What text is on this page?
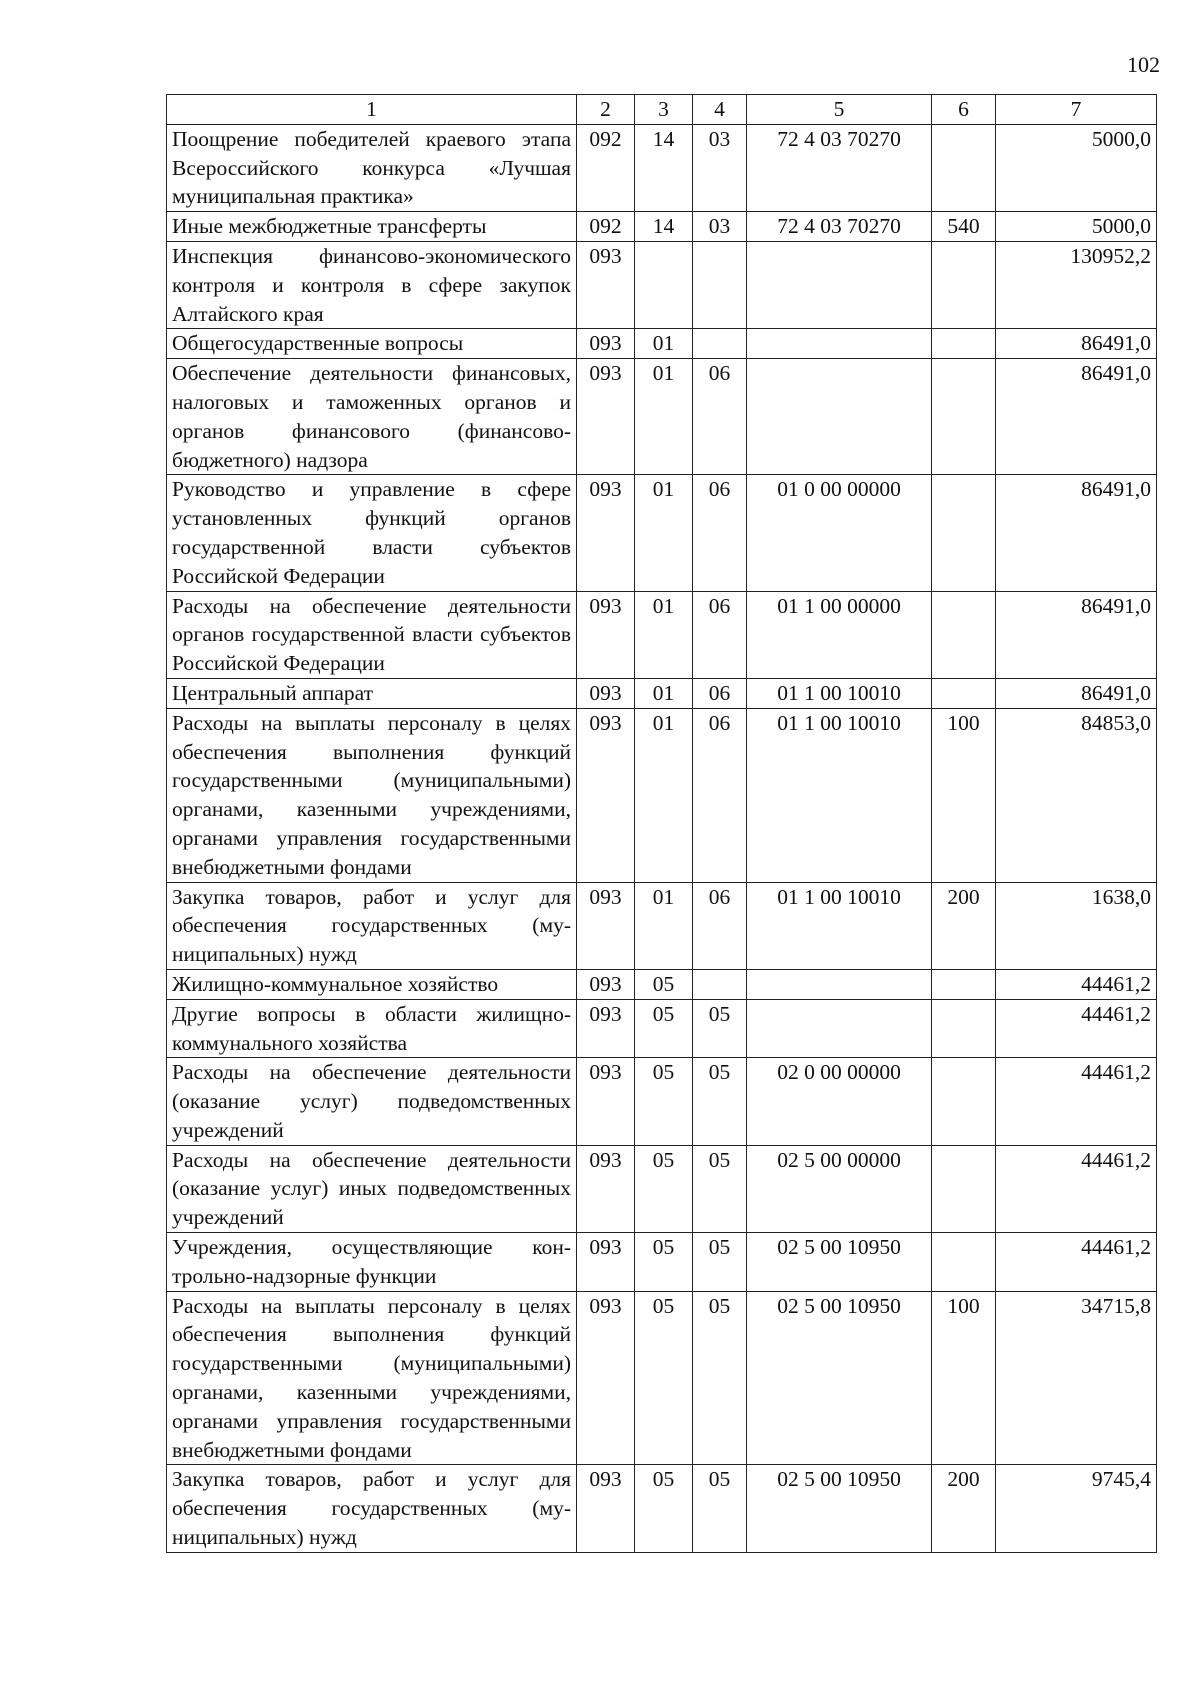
102
1	2	3	4	5	6	7
Поощрение победителей краевого этапа Всероссийского конкурса «Лучшая муниципальная практика»	092	14	03	72 4 03 70270		5000,0
Иные межбюджетные трансферты	092	14	03	72 4 03 70270	540	5000,0
Инспекция финансово-экономического контроля и контроля в сфере закупок Алтайского края	093					130952,2
Общегосударственные вопросы	093	01				86491,0
Обеспечение деятельности финансовых, налоговых и таможенных органов и органов финансового (финансово-бюджетного) надзора	093	01	06			86491,0
Руководство и управление в сфере установленных функций органов государственной власти субъектов Российской Федерации	093	01	06	01 0 00 00000		86491,0
Расходы на обеспечение деятельности органов государственной власти субъектов Российской Федерации	093	01	06	01 1 00 00000		86491,0
Центральный аппарат	093	01	06	01 1 00 10010		86491,0
Расходы на выплаты персоналу в целях обеспечения выполнения функций государственными (муниципальными) органами, казенными учреждениями, органами управления государственными внебюджетными фондами	093	01	06	01 1 00 10010	100	84853,0
Закупка товаров, работ и услуг для обеспечения государственных (муниципальных) нужд	093	01	06	01 1 00 10010	200	1638,0
Жилищно-коммунальное хозяйство	093	05				44461,2
Другие вопросы в области жилищно-коммунального хозяйства	093	05	05			44461,2
Расходы на обеспечение деятельности (оказание услуг) подведомственных учреждений	093	05	05	02 0 00 00000		44461,2
Расходы на обеспечение деятельности (оказание услуг) иных подведомственных учреждений	093	05	05	02 5 00 00000		44461,2
Учреждения, осуществляющие контрольно-надзорные функции	093	05	05	02 5 00 10950		44461,2
Расходы на выплаты персоналу в целях обеспечения выполнения функций государственными (муниципальными) органами, казенными учреждениями, органами управления государственными внебюджетными фондами	093	05	05	02 5 00 10950	100	34715,8
Закупка товаров, работ и услуг для обеспечения государственных (муниципальных) нужд	093	05	05	02 5 00 10950	200	9745,4
